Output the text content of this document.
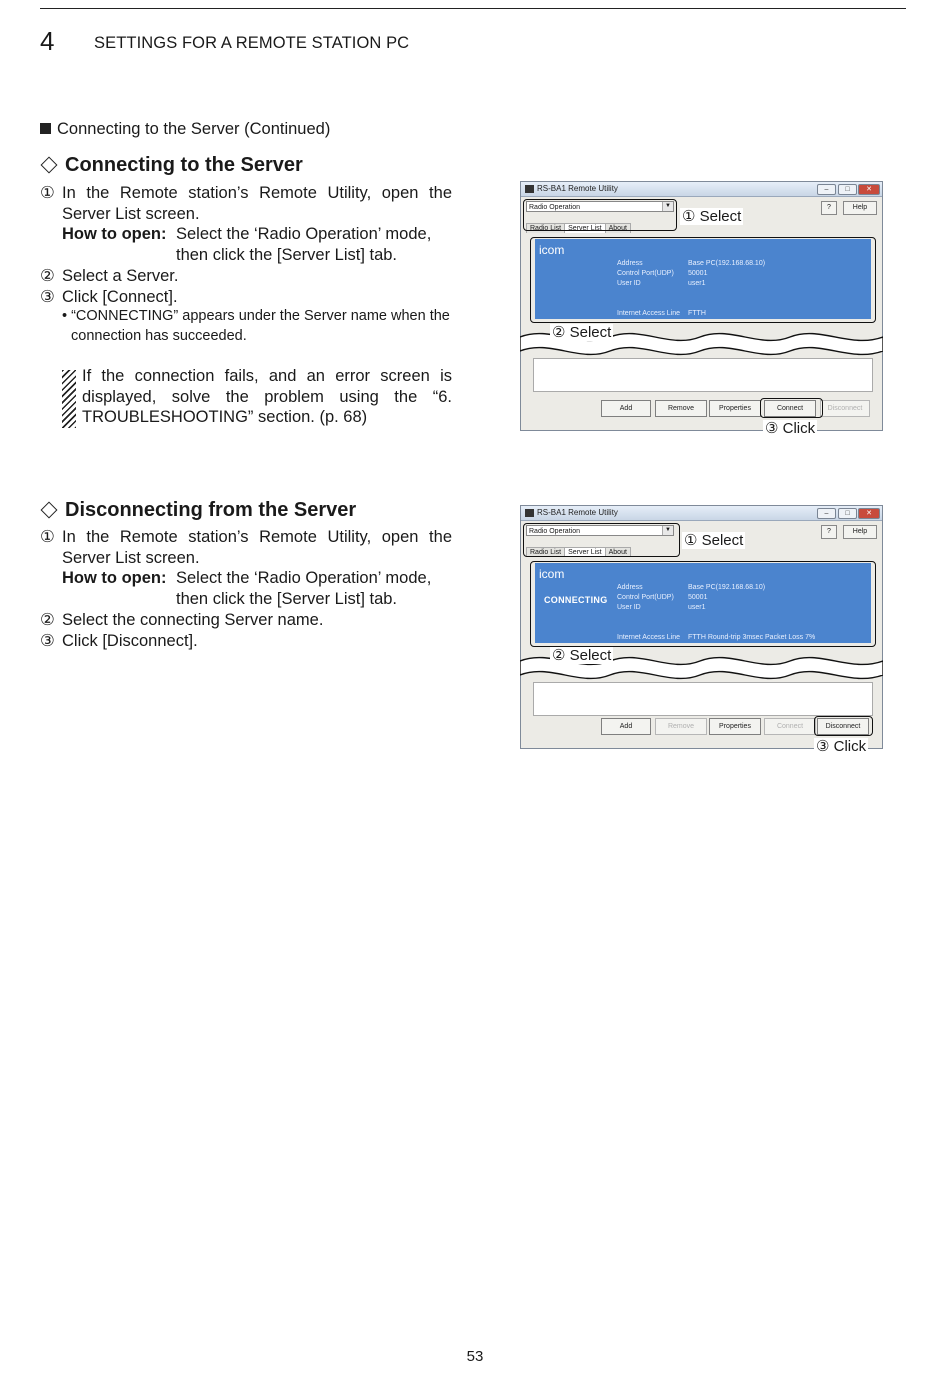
4 SETTINGS FOR A REMOTE STATION PC
Connecting to the Server (Continued)
Connecting to the Server
① In the Remote station’s Remote Utility, open the Server List screen.
How to open: Select the ‘Radio Operation’ mode, then click the [Server List] tab.
② Select a Server.
③ Click [Connect].
• “CONNECTING” appears under the Server name when the connection has succeeded.
If the connection fails, and an error screen is displayed, solve the problem using the “6. TROUBLESHOOTING” section. (p. 68)
Disconnecting from the Server
① In the Remote station’s Remote Utility, open the Server List screen.
How to open: Select the ‘Radio Operation’ mode, then click the [Server List] tab.
② Select the connecting Server name.
③ Click [Disconnect].
RS-BA1 Remote Utility	–	□	✕
Radio Operation	▼
Radio List Server List About
?	Help
icom
Address	Base PC(192.168.68.10)
Control Port(UDP) 50001
User ID	user1
Internet Access Line FTTH
Add	Remove	Properties	Connect	Disconnect
① Select
② Select
③ Click
RS-BA1 Remote Utility	–	□	✕
Radio Operation	▼
Radio List Server List About
?	Help
icom
CONNECTING
Address	Base PC(192.168.68.10)
Control Port(UDP) 50001
User ID	user1
Internet Access Line FTTH Round-trip 3msec Packet Loss 7%
Add	Remove	Properties	Connect	Disconnect
① Select
② Select
③ Click
53
